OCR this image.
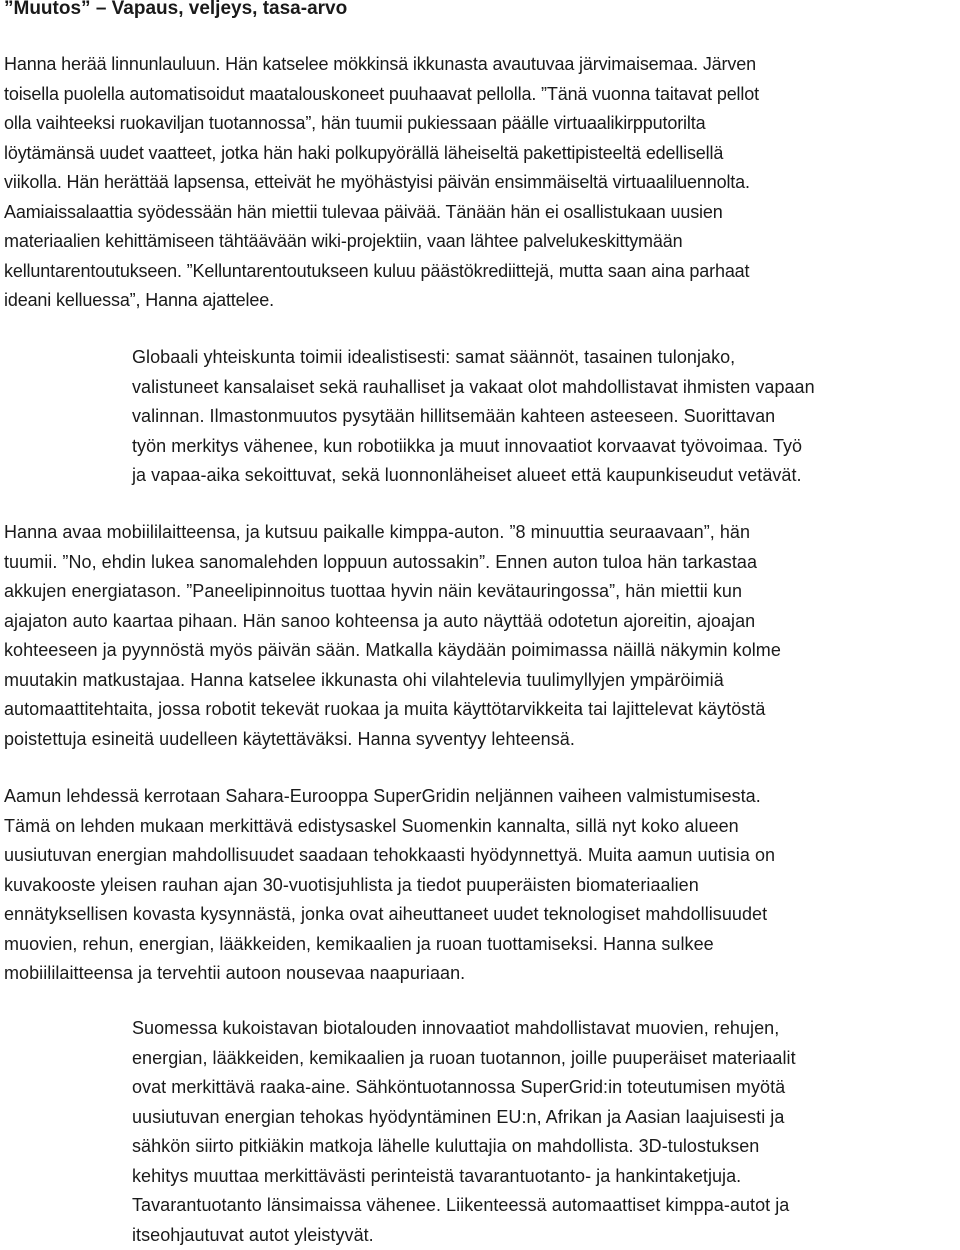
”Muutos” – Vapaus, veljeys, tasa-arvo

Hanna herää linnunlauluun. Hän katselee mökkinsä ikkunasta avautuvaa järvimaisemaa. Järven
toisella puolella automatisoidut maatalouskoneet puuhaavat pellolla. ”Tänä vuonna taitavat pellot
olla vaihteeksi ruokaviljan tuotannossa”, hän tuumii pukiessaan päälle virtuaalikirpputorilta
löytämänsä uudet vaatteet, jotka hän haki polkupyörällä läheiseltä pakettipisteeltä edellisellä
viikolla. Hän herättää lapsensa, etteivät he myöhästyisi päivän ensimmäiseltä virtuaaliluennolta.
Aamiaissalaattia syödessään hän miettii tulevaa päivää. Tänään hän ei osallistukaan uusien
materiaalien kehittämiseen tähtäävään wiki-projektiin, vaan lähtee palvelukeskittymään
kelluntarentoutukseen. ”Kelluntarentoutukseen kuluu päästökrediittejä, mutta saan aina parhaat
ideani kelluessa”, Hanna ajattelee.

Globaali yhteiskunta toimii idealistisesti: samat säännöt, tasainen tulonjako,
valistuneet kansalaiset sekä rauhalliset ja vakaat olot mahdollistavat ihmisten vapaan
valinnan. Ilmastonmuutos pysytään hillitsemään kahteen asteeseen. Suorittavan
työn merkitys vähenee, kun robotiikka ja muut innovaatiot korvaavat työvoimaa. Työ
ja vapaa-aika sekoittuvat, sekä luonnonläheiset alueet että kaupunkiseudut vetävät.

Hanna avaa mobiililaitteensa, ja kutsuu paikalle kimppa-auton. ”8 minuuttia seuraavaan”, hän
tuumii. ”No, ehdin lukea sanomalehden loppuun autossakin”. Ennen auton tuloa hän tarkastaa
akkujen energiatason. ”Paneelipinnoitus tuottaa hyvin näin kevätauringossa”, hän miettii kun
ajajaton auto kaartaa pihaan. Hän sanoo kohteensa ja auto näyttää odotetun ajoreitin, ajoajan
kohteeseen ja pyynnöstä myös päivän sään. Matkalla käydään poimimassa näillä näkymin kolme
muutakin matkustajaa. Hanna katselee ikkunasta ohi vilahtelevia tuulimyllyjen ympäröimiä
automaattitehtaita, jossa robotit tekevät ruokaa ja muita käyttötarvikkeita tai lajittelevat käytöstä
poistettuja esineitä uudelleen käytettäväksi. Hanna syventyy lehteensä.

Aamun lehdessä kerrotaan Sahara-Eurooppa SuperGridin neljännen vaiheen valmistumisesta.
Tämä on lehden mukaan merkittävä edistysaskel Suomenkin kannalta, sillä nyt koko alueen
uusiutuvan energian mahdollisuudet saadaan tehokkaasti hyödynnettyä. Muita aamun uutisia on
kuvakooste yleisen rauhan ajan 30-vuotisjuhlista ja tiedot puuperäisten biomateriaalien
ennätyksellisen kovasta kysynnästä, jonka ovat aiheuttaneet uudet teknologiset mahdollisuudet
muovien, rehun, energian, lääkkeiden, kemikaalien ja ruoan tuottamiseksi. Hanna sulkee
mobiililaitteensa ja tervehtii autoon nousevaa naapuriaan.

Suomessa kukoistavan biotalouden innovaatiot mahdollistavat muovien, rehujen,
energian, lääkkeiden, kemikaalien ja ruoan tuotannon, joille puuperäiset materiaalit
ovat merkittävä raaka-aine. Sähköntuotannossa SuperGrid:in toteutumisen myötä
uusiutuvan energian tehokas hyödyntäminen EU:n, Afrikan ja Aasian laajuisesti ja
sähkön siirto pitkiäkin matkoja lähelle kuluttajia on mahdollista. 3D-tulostuksen
kehitys muuttaa merkittävästi perinteistä tavarantuotanto- ja hankintaketjuja.
Tavarantuotanto länsimaissa vähenee. Liikenteessä automaattiset kimppa-autot ja
itseohjautuvat autot yleistyvät.
